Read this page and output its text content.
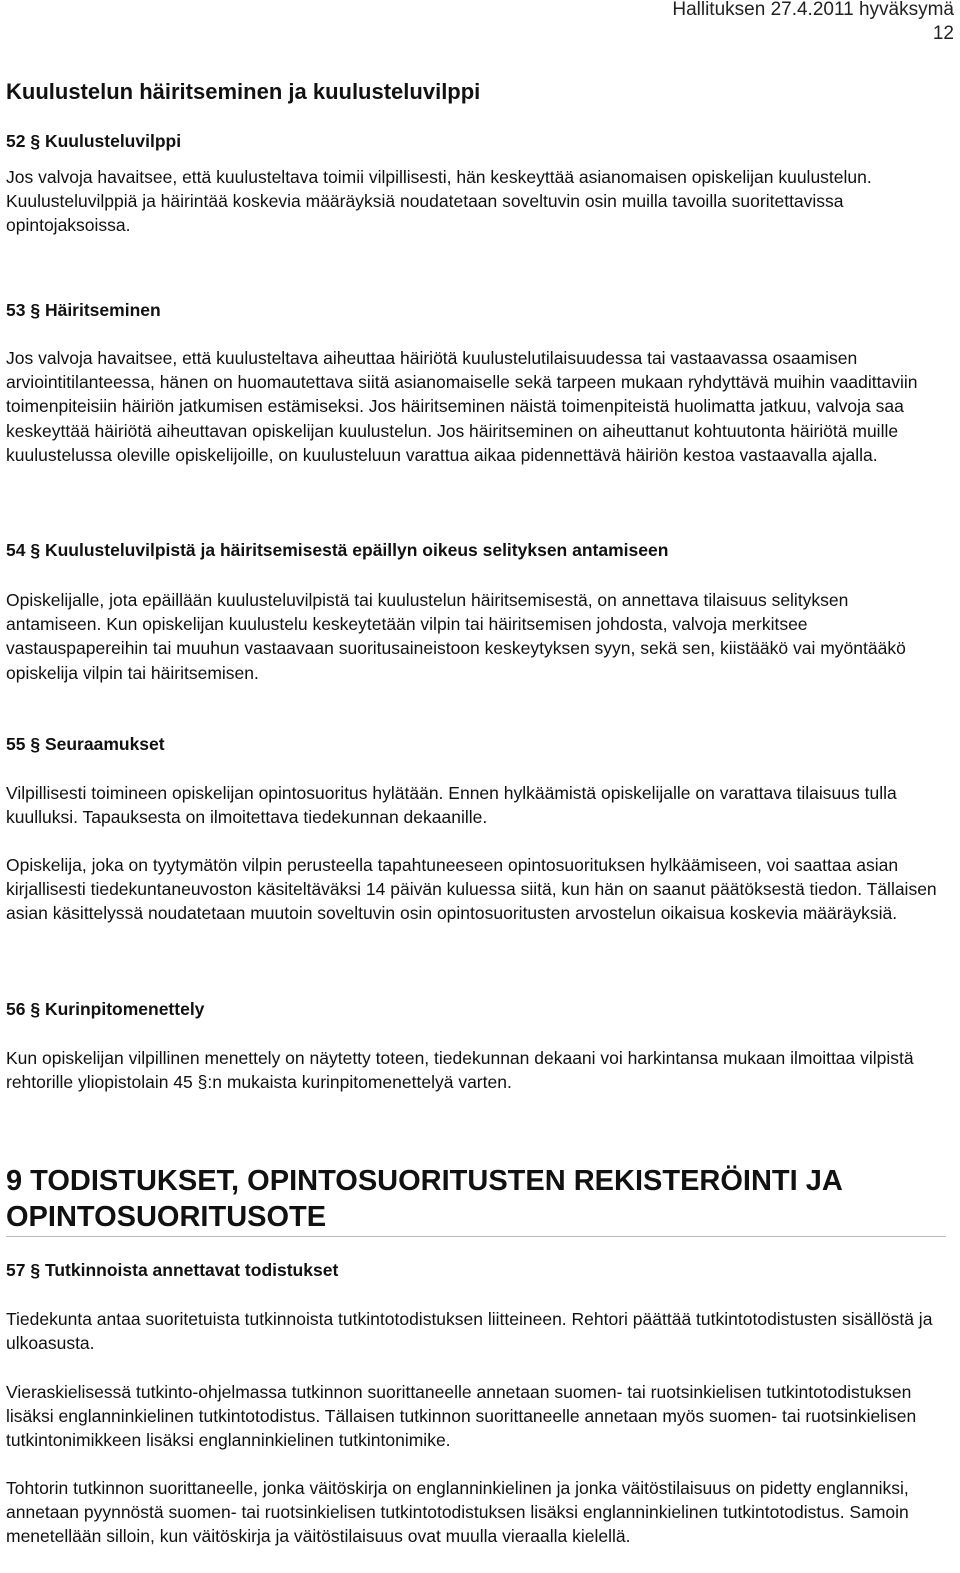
Hallituksen 27.4.2011 hyväksymä
12
Kuulustelun häiritseminen ja kuulusteluvilppi
52 § Kuulusteluvilppi

Jos valvoja havaitsee, että kuulusteltava toimii vilpillisesti, hän keskeyttää asianomaisen opiskelijan kuulustelun. Kuulusteluvilppiä ja häirintää koskevia määräyksiä noudatetaan soveltuvin osin muilla tavoilla suoritettavissa opintojaksoissa.

53 § Häiritseminen

Jos valvoja havaitsee, että kuulusteltava aiheuttaa häiriötä kuulustelutilaisuudessa tai vastaavassa osaamisen arviointitilanteessa, hänen on huomautettava siitä asianomaiselle sekä tarpeen mukaan ryhdyttävä muihin vaadittaviin toimenpiteisiin häiriön jatkumisen estämiseksi. Jos häiritseminen näistä toimenpiteistä huolimatta jatkuu, valvoja saa keskeyttää häiriötä aiheuttavan opiskelijan kuulustelun. Jos häiritseminen on aiheuttanut kohtuutonta häiriötä muille kuulustelussa oleville opiskelijoille, on kuulusteluun varattua aikaa pidennettävä häiriön kestoa vastaavalla ajalla.

54 § Kuulusteluvilpistä ja häiritsemisestä epäillyn oikeus selityksen antamiseen

Opiskelijalle, jota epäillään kuulusteluvilpistä tai kuulustelun häiritsemisestä, on annettava tilaisuus selityksen antamiseen. Kun opiskelijan kuulustelu keskeytetään vilpin tai häiritsemisen johdosta, valvoja merkitsee vastauspapereihin tai muuhun vastaavaan suoritusaineistoon keskeytyksen syyn, sekä sen, kiistääkö vai myöntääkö opiskelija vilpin tai häiritsemisen.

55 § Seuraamukset

Vilpillisesti toimineen opiskelijan opintosuoritus hylätään. Ennen hylkäämistä opiskelijalle on varattava tilaisuus tulla kuulluksi. Tapauksesta on ilmoitettava tiedekunnan dekaanille.

Opiskelija, joka on tyytymätön vilpin perusteella tapahtuneeseen opintosuorituksen hylkäämiseen, voi saattaa asian kirjallisesti tiedekuntaneuvoston käsiteltäväksi 14 päivän kuluessa siitä, kun hän on saanut päätöksestä tiedon. Tällaisen asian käsittelyssä noudatetaan muutoin soveltuvin osin opintosuoritusten arvostelun oikaisua koskevia määräyksiä.

56 § Kurinpitomenettely

Kun opiskelijan vilpillinen menettely on näytetty toteen, tiedekunnan dekaani voi harkintansa mukaan ilmoittaa vilpistä rehtorille yliopistolain 45 §:n mukaista kurinpitomenettelyä varten.

9 TODISTUKSET, OPINTOSUORITUSTEN REKISTERÖINTI JA OPINTOSUORITUSOTE
57 § Tutkinnoista annettavat todistukset

Tiedekunta antaa suoritetuista tutkinnoista tutkintotodistuksen liitteineen. Rehtori päättää tutkintotodistusten sisällöstä ja ulkoasusta.

Vieraskielisessä tutkinto-ohjelmassa tutkinnon suorittaneelle annetaan suomen- tai ruotsinkielisen tutkintotodistuksen lisäksi englanninkielinen tutkintotodistus. Tällaisen tutkinnon suorittaneelle annetaan myös suomen- tai ruotsinkielisen tutkintonimikkeen lisäksi englanninkielinen tutkintonimike.

Tohtorin tutkinnon suorittaneelle, jonka väitöskirja on englanninkielinen ja jonka väitöstilaisuus on pidetty englanniksi, annetaan pyynnöstä suomen- tai ruotsinkielisen tutkintotodistuksen lisäksi englanninkielinen tutkintotodistus. Samoin menetellään silloin, kun väitöskirja ja väitöstilaisuus ovat muulla vieraalla kielellä.
